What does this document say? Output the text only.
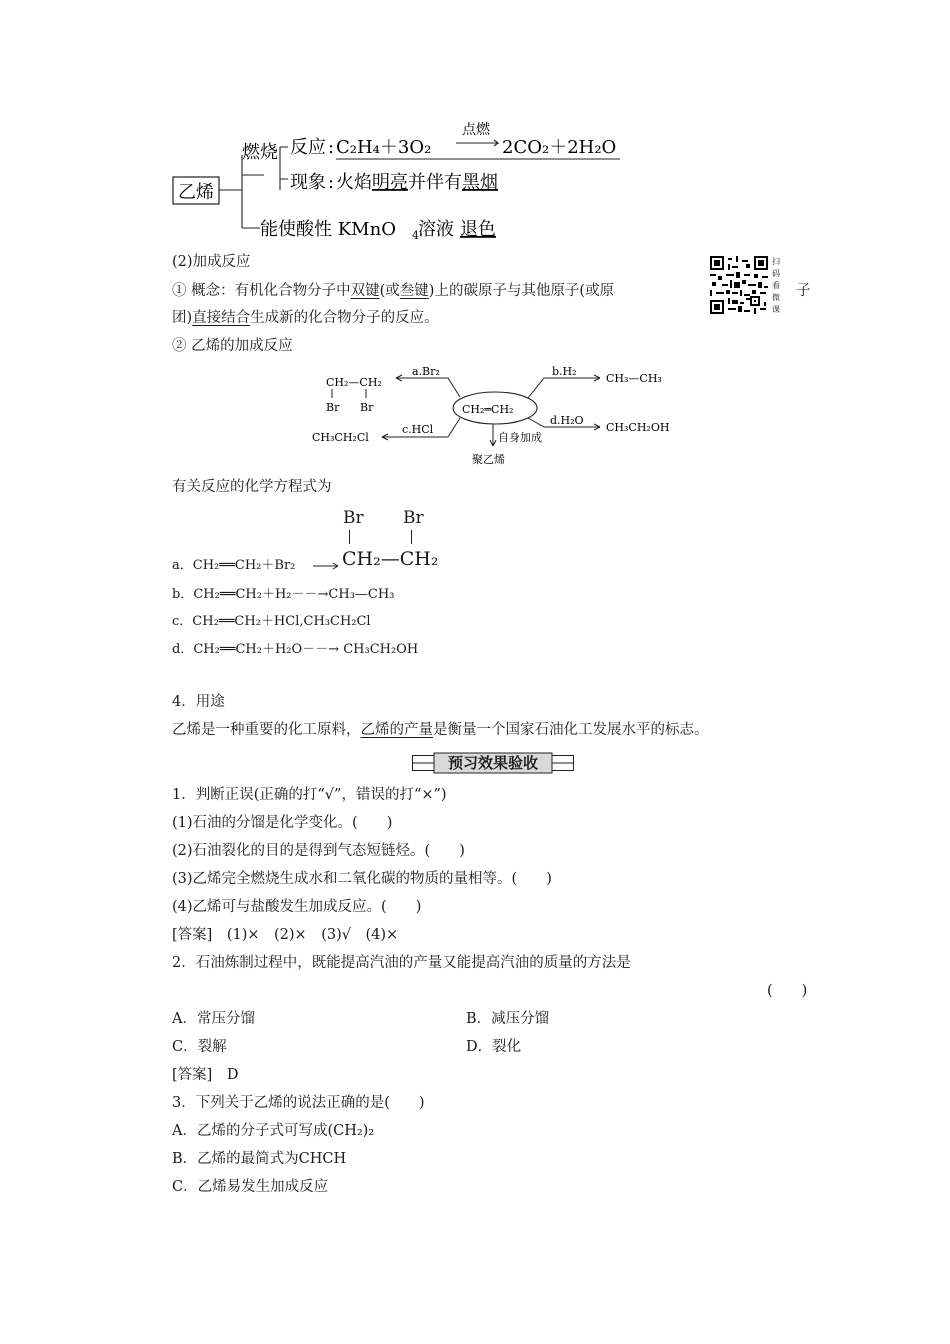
乙烯
燃烧 反应 : C₂H₄＋3O₂
点燃
2CO₂＋2H₂O
现象 : 火焰 明亮 并伴有 黑烟
能使酸性 KMnO 4 溶液 退色
(2)加成反应
① 概念：有机化合物分子中双键(或叁键)上的碳原子与其他原子(或原	子
团)直接结合生成新的化合物分子的反应。
扫码看微课
② 乙烯的加成反应
CH₂═CH₂
a.Br₂
CH₂—CH₂
Br Br
b.H₂
CH₃—CH₃
c.HCl
CH₃CH₂Cl
d.H₂O
CH₃CH₂OH
自身加成
聚乙烯
有关反应的化学方程式为
Br Br
a．CH₂══CH₂＋Br₂ CH₂—CH₂
b．CH₂══CH₂＋H₂－－→CH₃—CH₃
c．CH₂══CH₂＋HCl,CH₃CH₂Cl
d．CH₂══CH₂＋H₂O－－→ CH₃CH₂OH
4．用途
乙烯是一种重要的化工原料，乙烯的产量是衡量一个国家石油化工发展水平的标志。
预习效果验收
1．判断正误(正确的打“√”，错误的打“×”)
(1)石油的分馏是化学变化。(　　)
(2)石油裂化的目的是得到气态短链烃。(　　)
(3)乙烯完全燃烧生成水和二氧化碳的物质的量相等。(　　)
(4)乙烯可与盐酸发生加成反应。(　　)
[答案]　(1)×　(2)×　(3)√　(4)×
2．石油炼制过程中，既能提高汽油的产量又能提高汽油的质量的方法是
(　　)
A．常压分馏	B．减压分馏
C．裂解	D．裂化
[答案]　D
3．下列关于乙烯的说法正确的是(　　)
A．乙烯的分子式可写成(CH₂)₂
B．乙烯的最简式为CHCH
C．乙烯易发生加成反应
